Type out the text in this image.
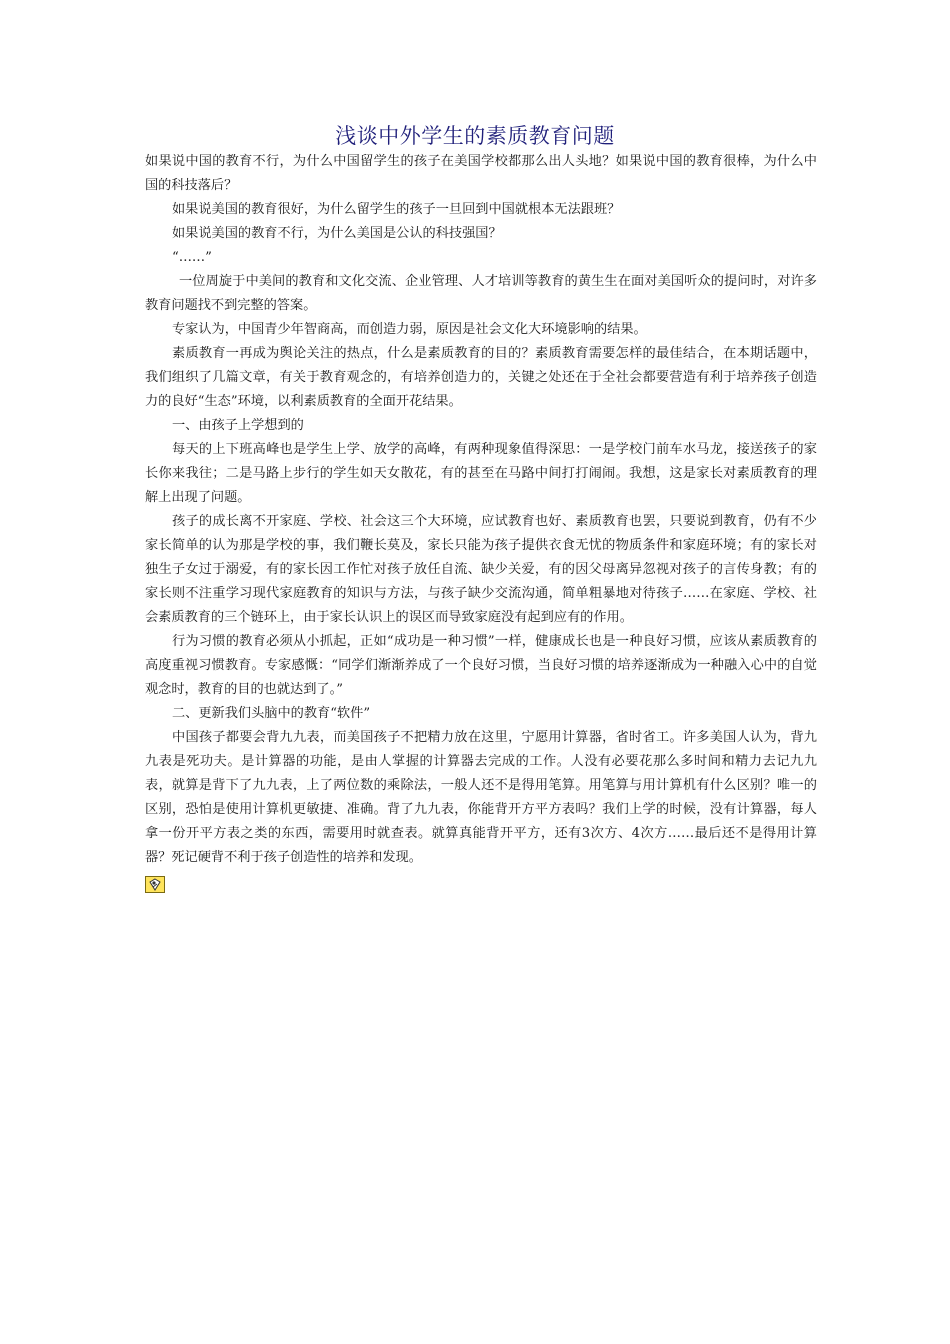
浅谈中外学生的素质教育问题

如果说中国的教育不行，为什么中国留学生的孩子在美国学校都那么出人头地？如果说中国的教育很棒，为什么中国的科技落后？

如果说美国的教育很好，为什么留学生的孩子一旦回到中国就根本无法跟班？

如果说美国的教育不行，为什么美国是公认的科技强国？

“……”

一位周旋于中美间的教育和文化交流、企业管理、人才培训等教育的黄生生在面对美国听众的提问时，对许多教育问题找不到完整的答案。

专家认为，中国青少年智商高，而创造力弱，原因是社会文化大环境影响的结果。

素质教育一再成为舆论关注的热点，什么是素质教育的目的？素质教育需要怎样的最佳结合，在本期话题中，我们组织了几篇文章，有关于教育观念的，有培养创造力的，关键之处还在于全社会都要营造有利于培养孩子创造力的良好“生态”环境，以利素质教育的全面开花结果。

一、由孩子上学想到的

每天的上下班高峰也是学生上学、放学的高峰，有两种现象值得深思：一是学校门前车水马龙，接送孩子的家长你来我往；二是马路上步行的学生如天女散花，有的甚至在马路中间打打闹闹。我想，这是家长对素质教育的理解上出现了问题。

孩子的成长离不开家庭、学校、社会这三个大环境，应试教育也好、素质教育也罢，只要说到教育，仍有不少家长简单的认为那是学校的事，我们鞭长莫及，家长只能为孩子提供衣食无忧的物质条件和家庭环境；有的家长对独生子女过于溺爱，有的家长因工作忙对孩子放任自流、缺少关爱，有的因父母离异忽视对孩子的言传身教；有的家长则不注重学习现代家庭教育的知识与方法，与孩子缺少交流沟通，简单粗暴地对待孩子……在家庭、学校、社会素质教育的三个链环上，由于家长认识上的误区而导致家庭没有起到应有的作用。

行为习惯的教育必须从小抓起，正如“成功是一种习惯”一样，健康成长也是一种良好习惯，应该从素质教育的高度重视习惯教育。专家感慨：“同学们渐渐养成了一个良好习惯，当良好习惯的培养逐渐成为一种融入心中的自觉观念时，教育的目的也就达到了。”

二、更新我们头脑中的教育“软件”

中国孩子都要会背九九表，而美国孩子不把精力放在这里，宁愿用计算器，省时省工。许多美国人认为，背九九表是死功夫。是计算器的功能，是由人掌握的计算器去完成的工作。人没有必要花那么多时间和精力去记九九表，就算是背下了九九表，上了两位数的乘除法，一般人还不是得用笔算。用笔算与用计算机有什么区别？唯一的区别，恐怕是使用计算机更敏捷、准确。背了九九表，你能背开方平方表吗？我们上学的时候，没有计算器，每人拿一份开平方表之类的东西，需要用时就查表。就算真能背开平方，还有3次方、4次方……最后还不是得用计算器？死记硬背不利于孩子创造性的培养和发现。
